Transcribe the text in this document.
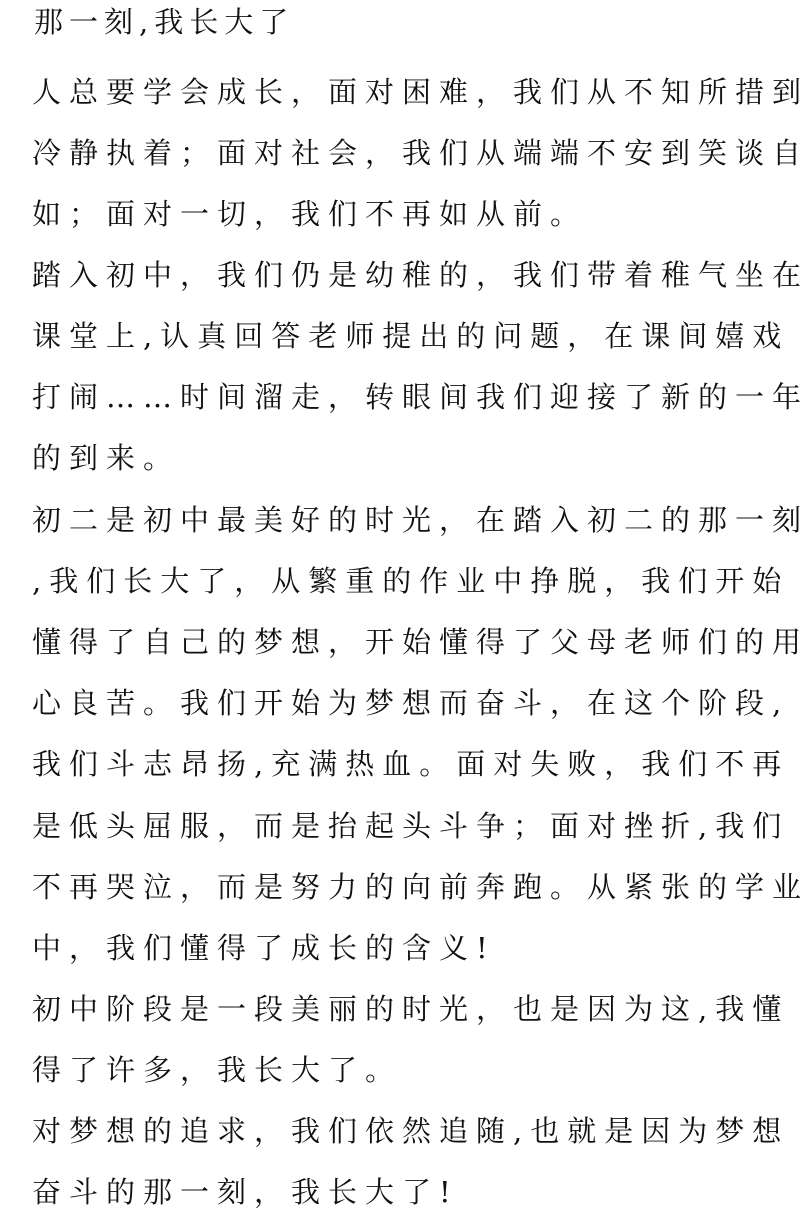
那一刻,我长大了
人总要学会成长，面对困难，我们从不知所措到
冷静执着；面对社会，我们从端端不安到笑谈自
如；面对一切，我们不再如从前。
踏入初中，我们仍是幼稚的，我们带着稚气坐在
课堂上,认真回答老师提出的问题，在课间嬉戏
打闹……时间溜走，转眼间我们迎接了新的一年
的到来。
初二是初中最美好的时光，在踏入初二的那一刻
,我们长大了，从繁重的作业中挣脱，我们开始
懂得了自己的梦想，开始懂得了父母老师们的用
心良苦。我们开始为梦想而奋斗，在这个阶段,
我们斗志昂扬,充满热血。面对失败，我们不再
是低头屈服，而是抬起头斗争；面对挫折,我们
不再哭泣，而是努力的向前奔跑。从紧张的学业
中，我们懂得了成长的含义!
初中阶段是一段美丽的时光，也是因为这,我懂
得了许多，我长大了。
对梦想的追求，我们依然追随,也就是因为梦想
奋斗的那一刻，我长大了!
